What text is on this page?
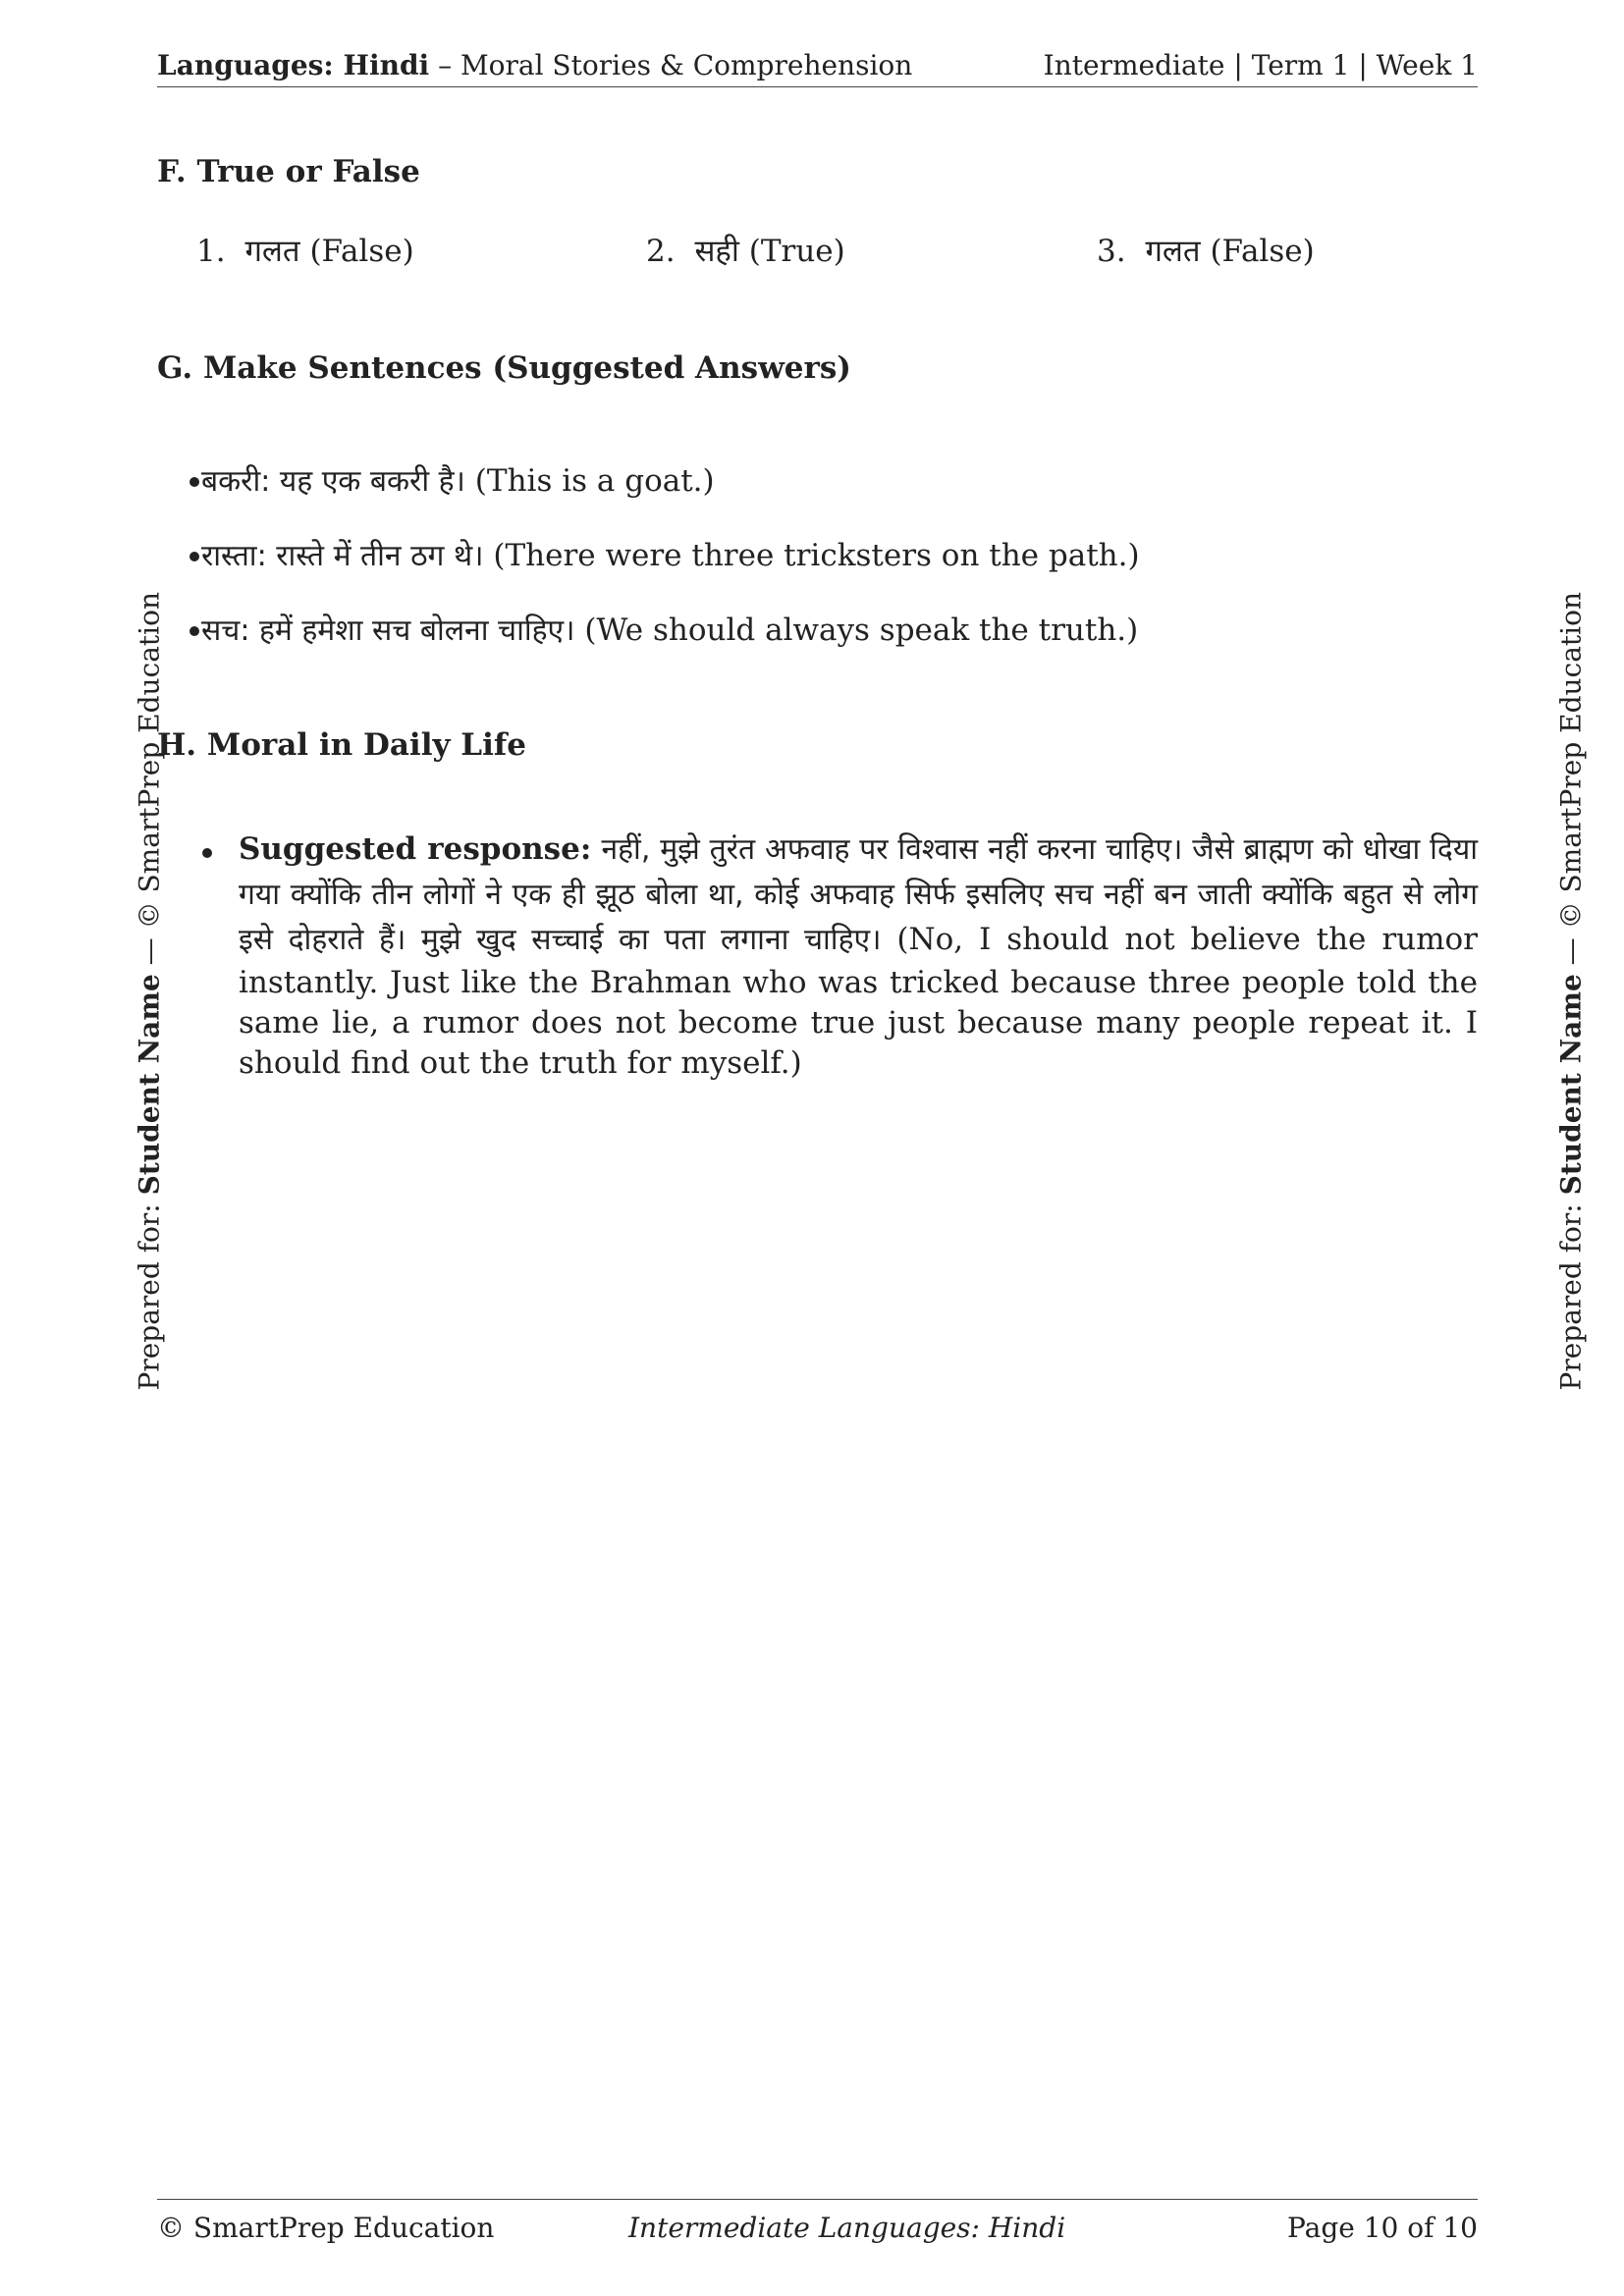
Languages: Hindi – Moral Stories & Comprehension	Intermediate | Term 1 | Week 1
F. True or False
1. गलत (False)	2. सही (True)	3. गलत (False)
G. Make Sentences (Suggested Answers)
बकरी: यह एक बकरी है। (This is a goat.)
रास्ता: रास्ते में तीन ठग थे। (There were three tricksters on the path.)
सच: हमें हमेशा सच बोलना चाहिए। (We should always speak the truth.)
H. Moral in Daily Life
Suggested response: नहीं, मुझे तुरंत अफवाह पर विश्वास नहीं करना चाहिए। जैसे ब्राह्मण को धोखा दिया गया क्योंकि तीन लोगों ने एक ही झूठ बोला था, कोई अफवाह सिर्फ इसलिए सच नहीं बन जाती क्योंकि बहुत से लोग इसे दोहराते हैं। मुझे खुद सच्चाई का पता लगाना चाहिए। (No, I should not believe the rumor instantly. Just like the Brahman who was tricked because three people told the same lie, a rumor does not become true just because many people repeat it. I should find out the truth for myself.)
Prepared for: Student Name — © SmartPrep Education
Prepared for: Student Name — © SmartPrep Education
© SmartPrep Education	Intermediate Languages: Hindi	Page 10 of 10
